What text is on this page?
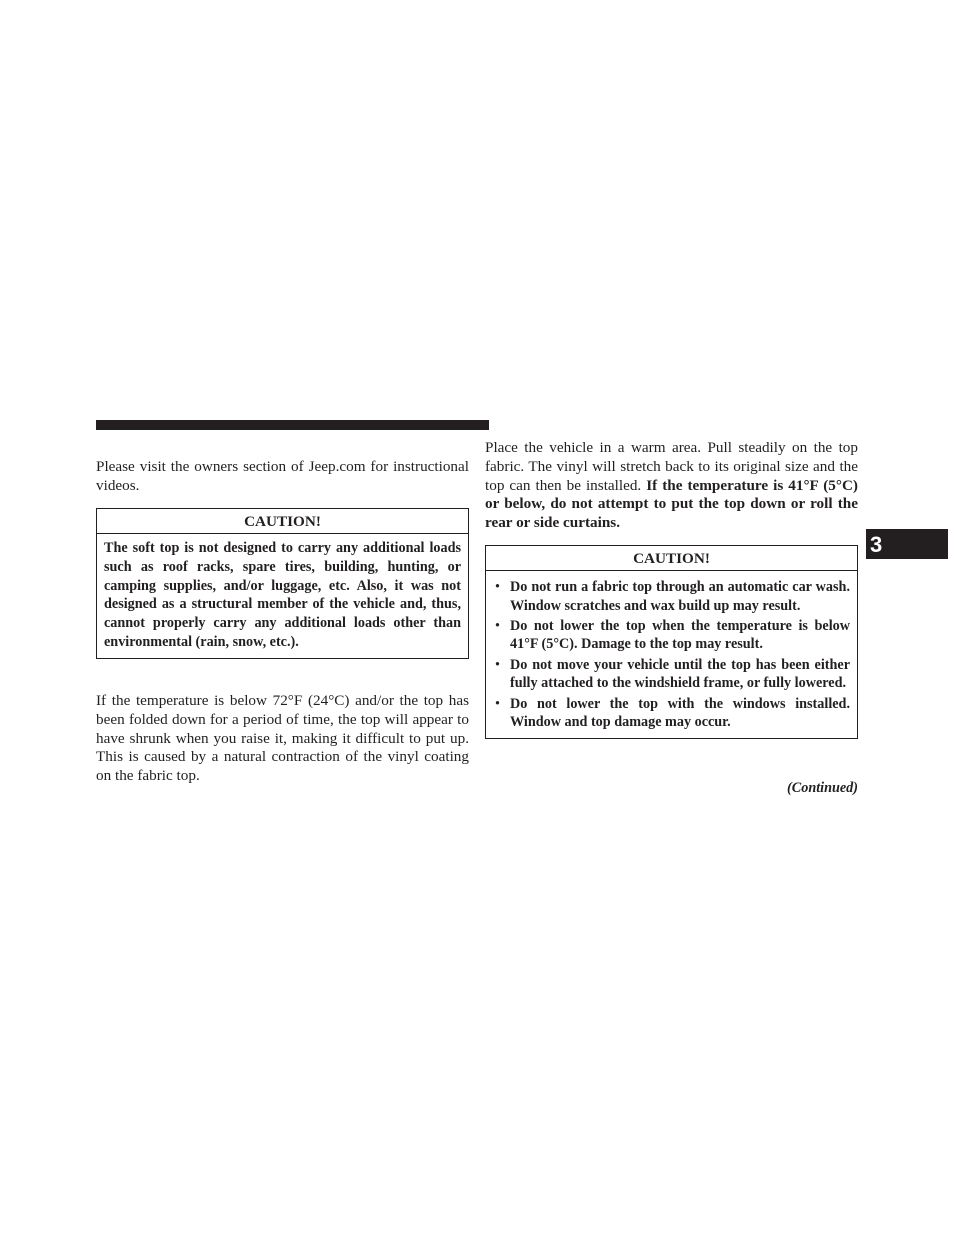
Please visit the owners section of Jeep.com for instructional videos.

CAUTION!
The soft top is not designed to carry any additional loads such as roof racks, spare tires, building, hunting, or camping supplies, and/or luggage, etc. Also, it was not designed as a structural member of the vehicle and, thus, cannot properly carry any additional loads other than environmental (rain, snow, etc.).

If the temperature is below 72°F (24°C) and/or the top has been folded down for a period of time, the top will appear to have shrunk when you raise it, making it difficult to put up. This is caused by a natural contraction of the vinyl coating on the fabric top.

Place the vehicle in a warm area. Pull steadily on the top fabric. The vinyl will stretch back to its original size and the top can then be installed. If the temperature is 41°F (5°C) or below, do not attempt to put the top down or roll the rear or side curtains.

CAUTION!
• Do not run a fabric top through an automatic car wash. Window scratches and wax build up may result.
• Do not lower the top when the temperature is below 41°F (5°C). Damage to the top may result.
• Do not move your vehicle until the top has been either fully attached to the windshield frame, or fully lowered.
• Do not lower the top with the windows installed. Window and top damage may occur.
(Continued)
3
